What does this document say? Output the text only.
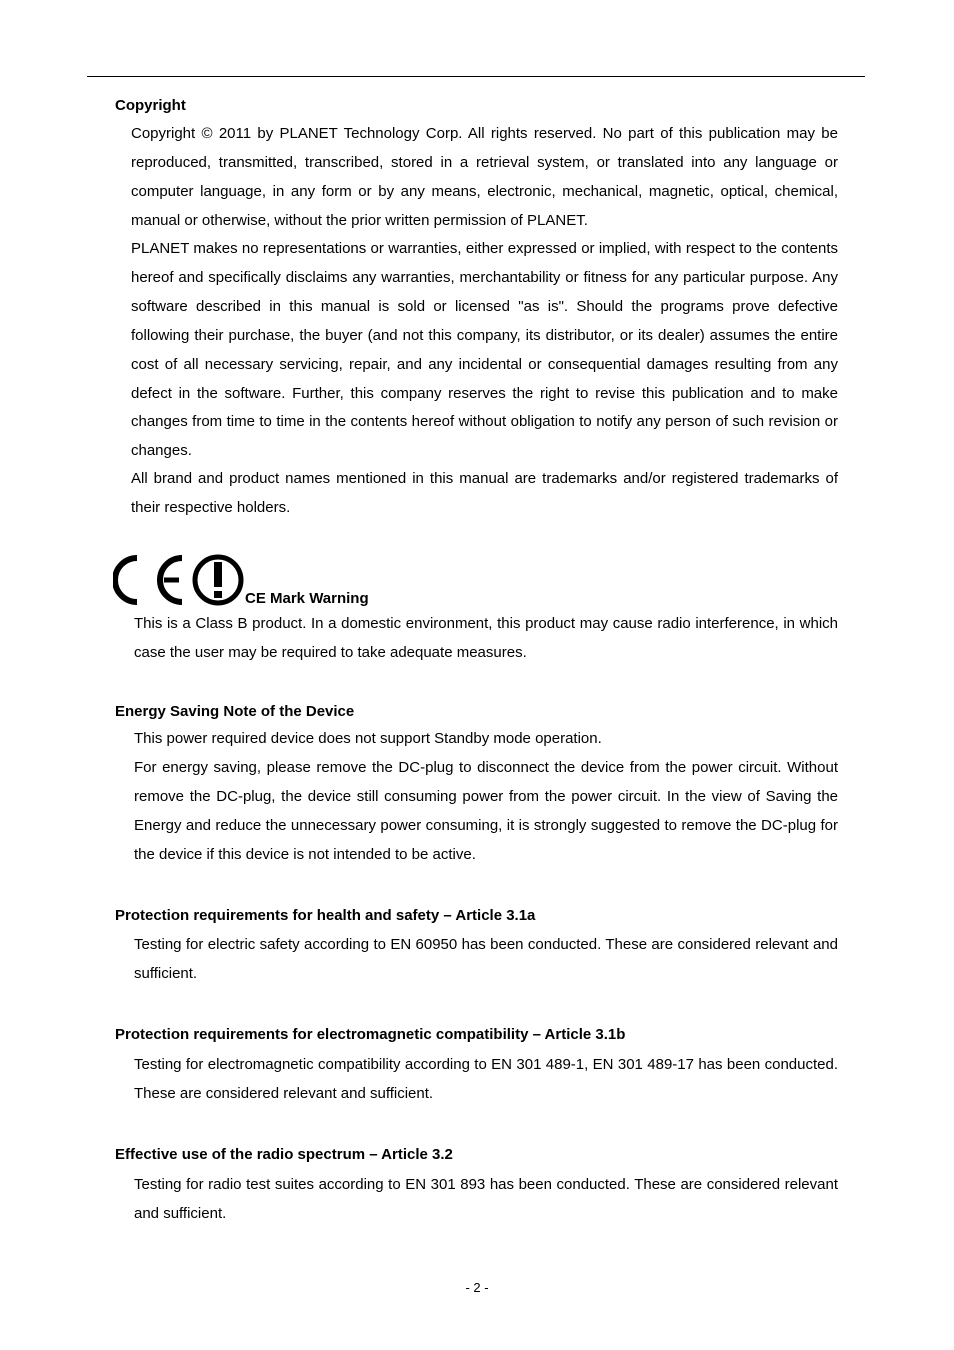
Copyright

Copyright © 2011 by PLANET Technology Corp. All rights reserved. No part of this publication may be reproduced, transmitted, transcribed, stored in a retrieval system, or translated into any language or computer language, in any form or by any means, electronic, mechanical, magnetic, optical, chemical, manual or otherwise, without the prior written permission of PLANET.

PLANET makes no representations or warranties, either expressed or implied, with respect to the contents hereof and specifically disclaims any warranties, merchantability or fitness for any particular purpose. Any software described in this manual is sold or licensed "as is". Should the programs prove defective following their purchase, the buyer (and not this company, its distributor, or its dealer) assumes the entire cost of all necessary servicing, repair, and any incidental or consequential damages resulting from any defect in the software. Further, this company reserves the right to revise this publication and to make changes from time to time in the contents hereof without obligation to notify any person of such revision or changes.

All brand and product names mentioned in this manual are trademarks and/or registered trademarks of their respective holders.

CE Mark Warning

This is a Class B product. In a domestic environment, this product may cause radio interference, in which case the user may be required to take adequate measures.

Energy Saving Note of the Device

This power required device does not support Standby mode operation.

For energy saving, please remove the DC-plug to disconnect the device from the power circuit. Without remove the DC-plug, the device still consuming power from the power circuit. In the view of Saving the Energy and reduce the unnecessary power consuming, it is strongly suggested to remove the DC-plug for the device if this device is not intended to be active.

Protection requirements for health and safety – Article 3.1a

Testing for electric safety according to EN 60950 has been conducted. These are considered relevant and sufficient.

Protection requirements for electromagnetic compatibility – Article 3.1b

Testing for electromagnetic compatibility according to EN 301 489-1, EN 301 489-17 has been conducted. These are considered relevant and sufficient.

Effective use of the radio spectrum – Article 3.2

Testing for radio test suites according to EN 301 893 has been conducted. These are considered relevant and sufficient.

- 2 -
